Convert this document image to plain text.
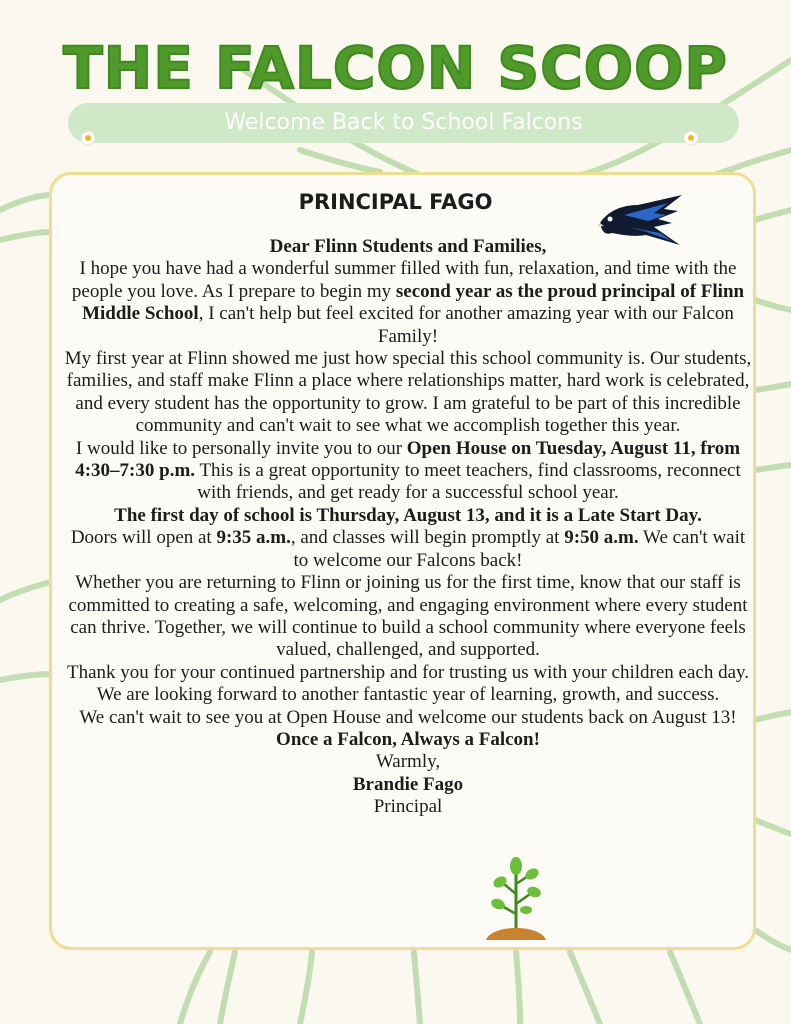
THE FALCON SCOOP
Welcome Back to School Falcons
PRINCIPAL FAGO

Dear Flinn Students and Families,

I hope you have had a wonderful summer filled with fun, relaxation, and time with the people you love. As I prepare to begin my second year as the proud principal of Flinn Middle School, I can't help but feel excited for another amazing year with our Falcon Family!

My first year at Flinn showed me just how special this school community is. Our students, families, and staff make Flinn a place where relationships matter, hard work is celebrated, and every student has the opportunity to grow. I am grateful to be part of this incredible community and can't wait to see what we accomplish together this year.

I would like to personally invite you to our Open House on Tuesday, August 11, from 4:30–7:30 p.m. This is a great opportunity to meet teachers, find classrooms, reconnect with friends, and get ready for a successful school year.

The first day of school is Thursday, August 13, and it is a Late Start Day.

Doors will open at 9:35 a.m., and classes will begin promptly at 9:50 a.m. We can't wait to welcome our Falcons back!

Whether you are returning to Flinn or joining us for the first time, know that our staff is committed to creating a safe, welcoming, and engaging environment where every student can thrive. Together, we will continue to build a school community where everyone feels valued, challenged, and supported.

Thank you for your continued partnership and for trusting us with your children each day. We are looking forward to another fantastic year of learning, growth, and success.

We can't wait to see you at Open House and welcome our students back on August 13!

Once a Falcon, Always a Falcon!

Warmly,

Brandie Fago

Principal
